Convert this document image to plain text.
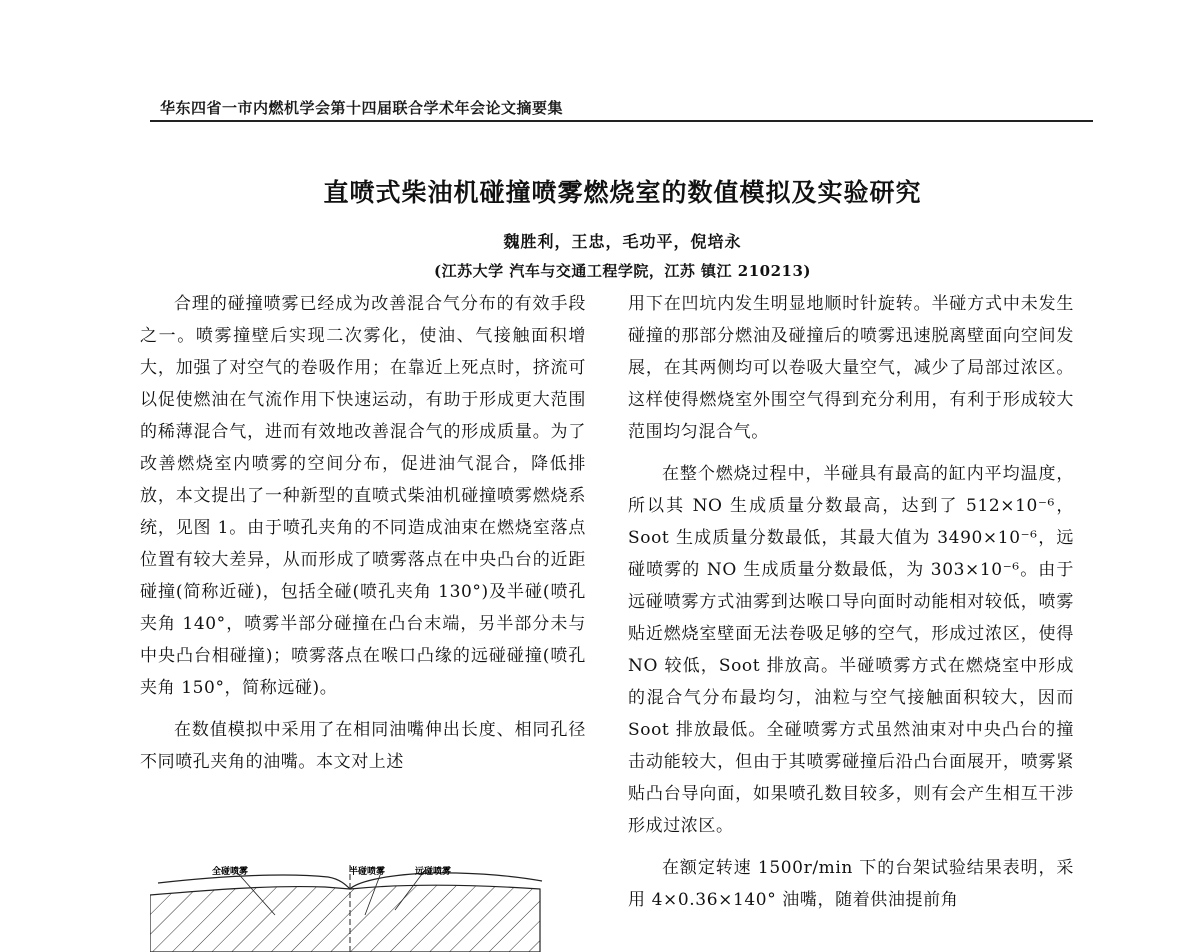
华东四省一市内燃机学会第十四届联合学术年会论文摘要集
直喷式柴油机碰撞喷雾燃烧室的数值模拟及实验研究
魏胜利，王忠，毛功平，倪培永
(江苏大学 汽车与交通工程学院，江苏 镇江 210213)

合理的碰撞喷雾已经成为改善混合气分布的有效手段之一。喷雾撞壁后实现二次雾化，使油、气接触面积增大，加强了对空气的卷吸作用；在靠近上死点时，挤流可以促使燃油在气流作用下快速运动，有助于形成更大范围的稀薄混合气，进而有效地改善混合气的形成质量。为了改善燃烧室内喷雾的空间分布，促进油气混合，降低排放，本文提出了一种新型的直喷式柴油机碰撞喷雾燃烧系统，见图 1。由于喷孔夹角的不同造成油束在燃烧室落点位置有较大差异，从而形成了喷雾落点在中央凸台的近距碰撞(简称近碰)，包括全碰(喷孔夹角 130°)及半碰(喷孔夹角 140°，喷雾半部分碰撞在凸台末端，另半部分未与中央凸台相碰撞)；喷雾落点在喉口凸缘的远碰碰撞(喷孔夹角 150°，简称远碰)。

在数值模拟中采用了在相同油嘴伸出长度、相同孔径不同喷孔夹角的油嘴。本文对上述

用下在凹坑内发生明显地顺时针旋转。半碰方式中未发生碰撞的那部分燃油及碰撞后的喷雾迅速脱离壁面向空间发展，在其两侧均可以卷吸大量空气，减少了局部过浓区。这样使得燃烧室外围空气得到充分利用，有利于形成较大范围均匀混合气。

在整个燃烧过程中，半碰具有最高的缸内平均温度，所以其 NO 生成质量分数最高，达到了 512×10⁻⁶， Soot 生成质量分数最低，其最大值为 3490×10⁻⁶，远碰喷雾的 NO 生成质量分数最低，为 303×10⁻⁶。由于远碰喷雾方式油雾到达喉口导向面时动能相对较低，喷雾贴近燃烧室壁面无法卷吸足够的空气，形成过浓区，使得 NO 较低，Soot 排放高。半碰喷雾方式在燃烧室中形成的混合气分布最均匀，油粒与空气接触面积较大，因而 Soot 排放最低。全碰喷雾方式虽然油束对中央凸台的撞击动能较大，但由于其喷雾碰撞后沿凸台面展开，喷雾紧贴凸台导向面，如果喷孔数目较多，则有会产生相互干涉形成过浓区。

在额定转速 1500r/min 下的台架试验结果表明，采用 4×0.36×140° 油嘴，随着供油提前角

全碰喷雾	半碰喷雾	远碰喷雾
